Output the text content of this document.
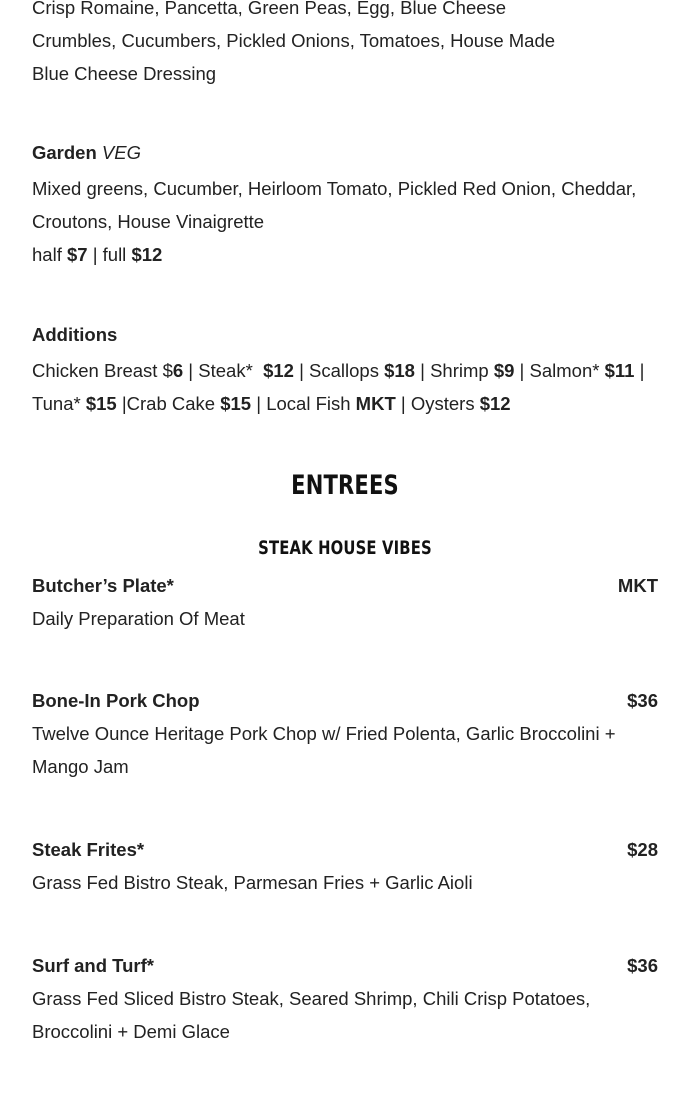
Crisp Romaine, Pancetta, Green Peas, Egg, Blue Cheese Crumbles, Cucumbers, Pickled Onions, Tomatoes, House Made Blue Cheese Dressing

Garden VEG

Mixed greens, Cucumber, Heirloom Tomato, Pickled Red Onion, Cheddar, Croutons, House Vinaigrette

half $7 | full $12

Additions

Chicken Breast $6 | Steak* $12 | Scallops $18 | Shrimp $9 | Salmon* $11 | Tuna* $15 |Crab Cake $15 | Local Fish MKT | Oysters $12

ENTREES
STEAK HOUSE VIBES
Butcher’s Plate*	MKT

Daily Preparation Of Meat

Bone-In Pork Chop	$36

Twelve Ounce Heritage Pork Chop w/ Fried Polenta, Garlic Broccolini + Mango Jam

Steak Frites*	$28

Grass Fed Bistro Steak, Parmesan Fries + Garlic Aioli

Surf and Turf*	$36

Grass Fed Sliced Bistro Steak, Seared Shrimp, Chili Crisp Potatoes, Broccolini + Demi Glace
